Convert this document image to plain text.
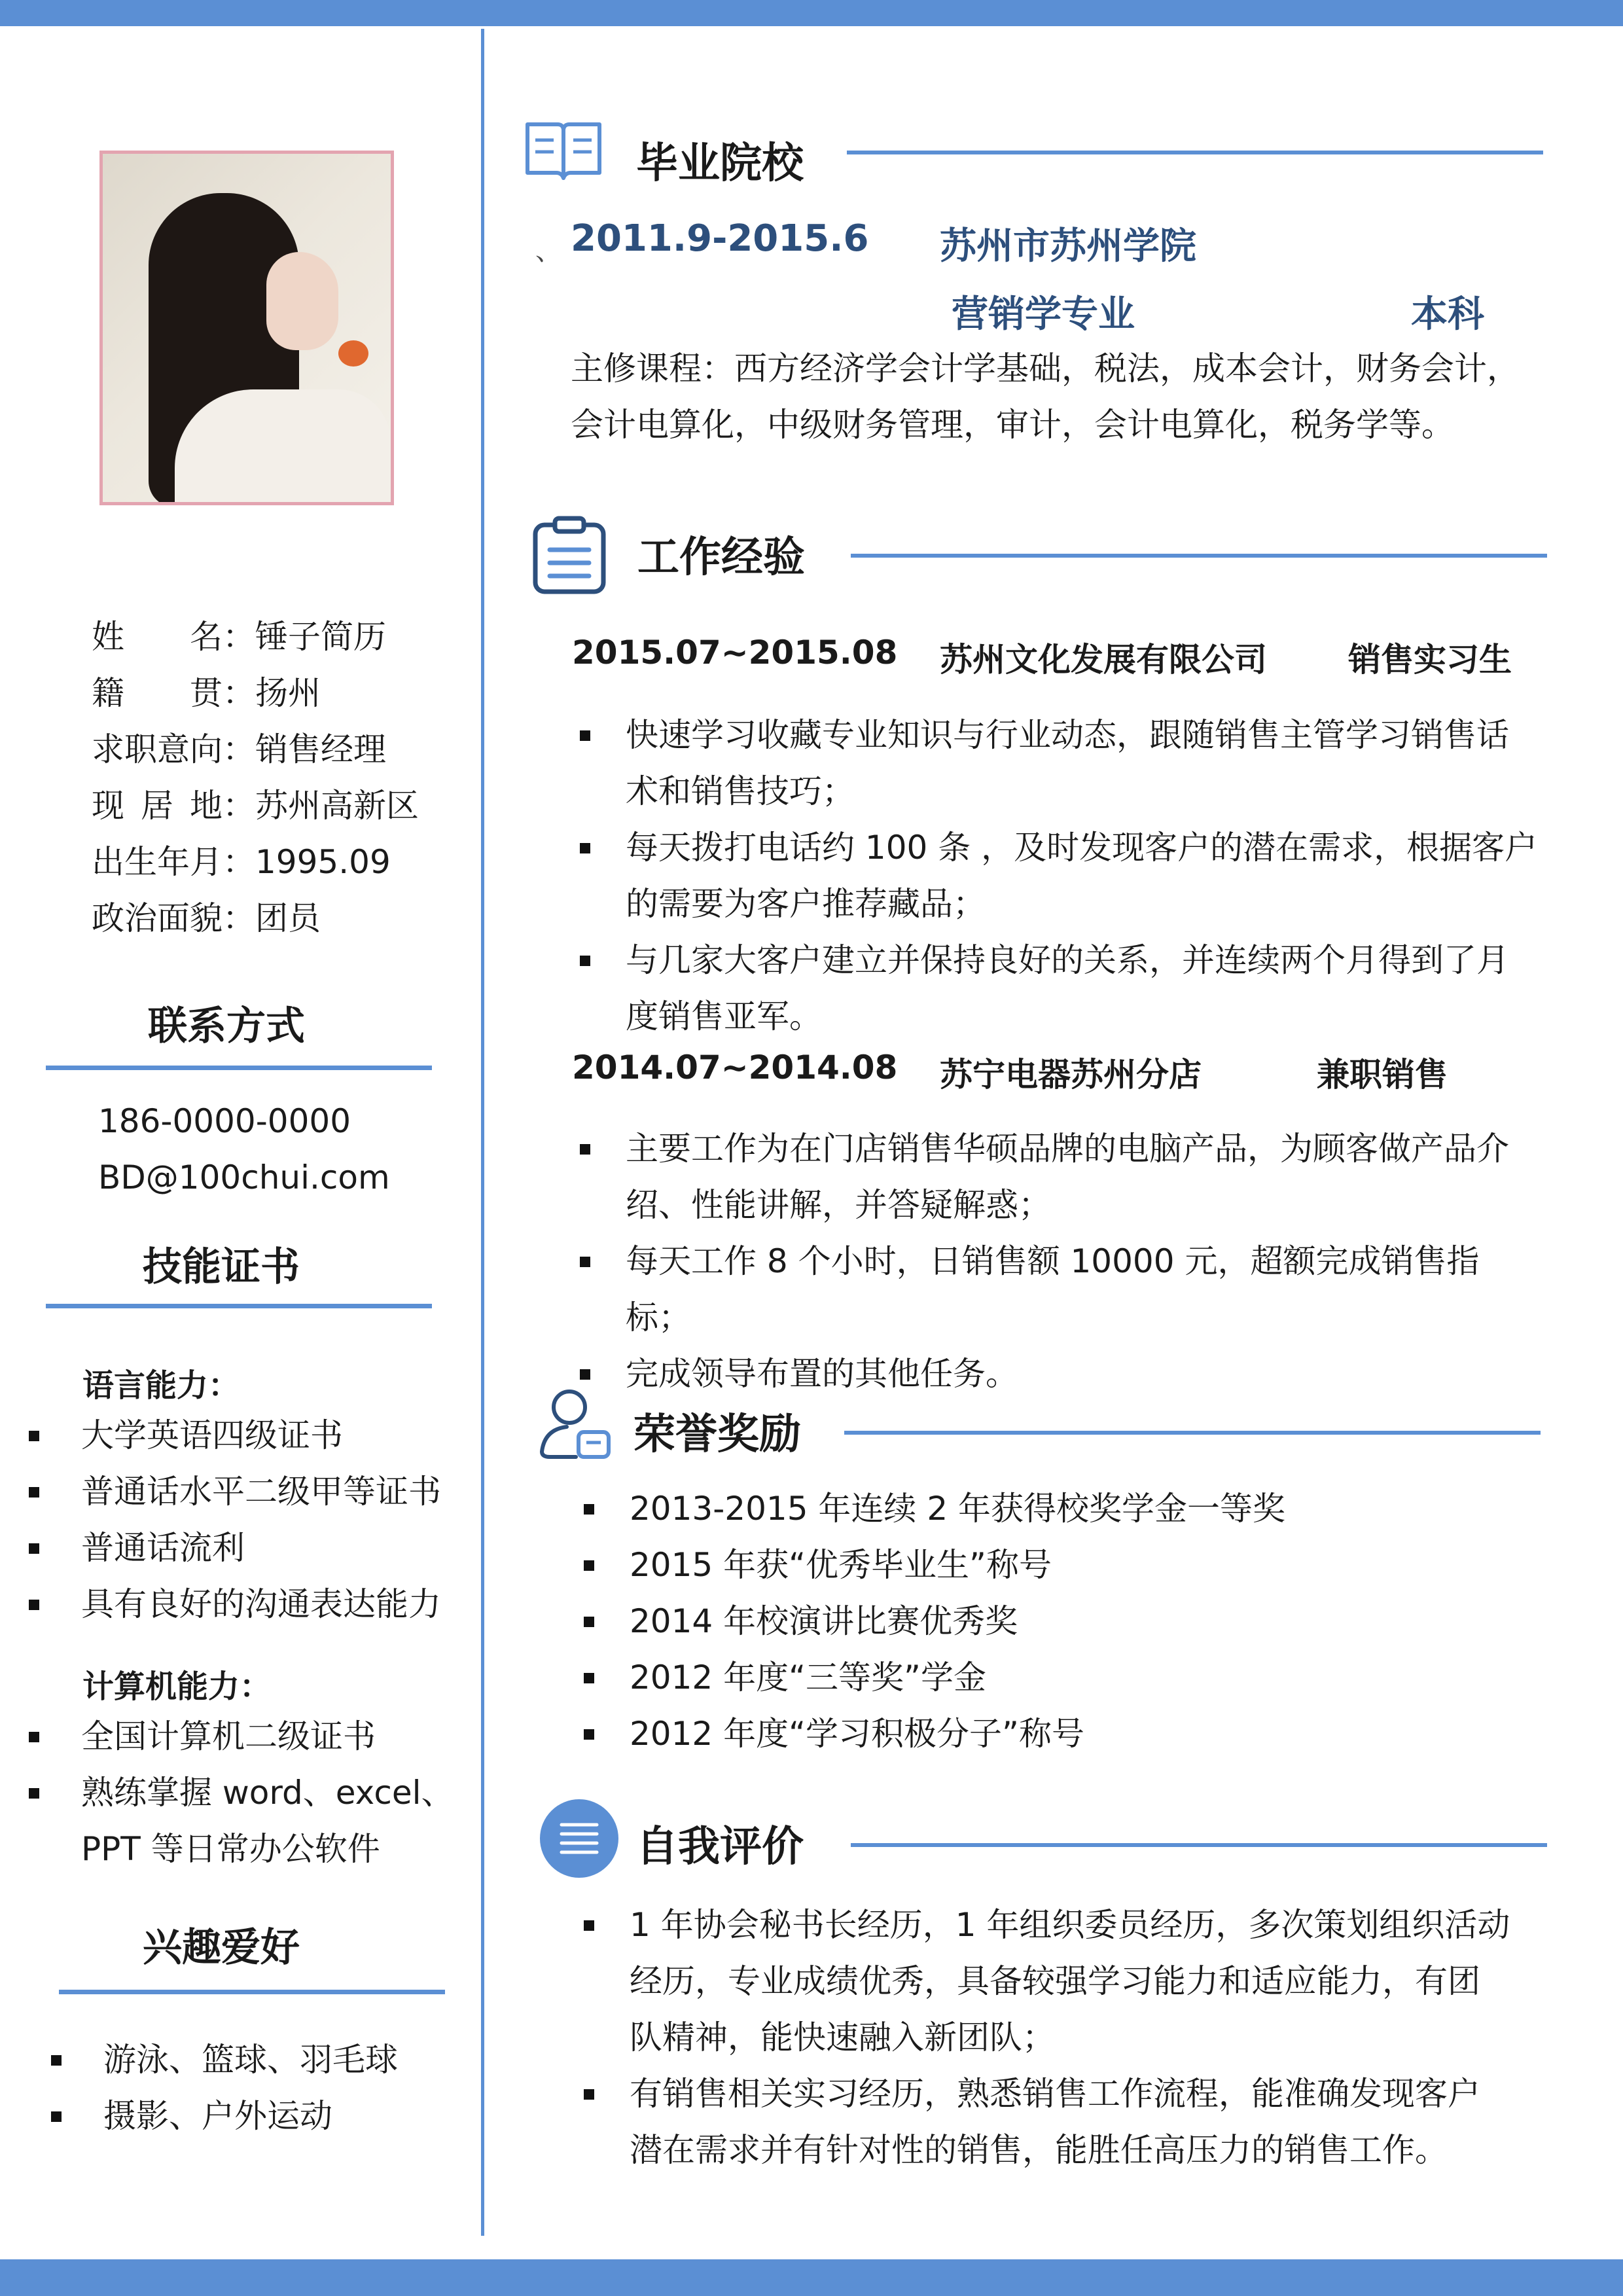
姓 名： 锤子简历
籍 贯： 扬州
求职意向： 销售经理
现 居 地： 苏州高新区
出生年月： 1995.09
政治面貌： 团员
联系方式
186-0000-0000
BD@100chui.com
技能证书
语言能力：
大学英语四级证书
普通话水平二级甲等证书
普通话流利
具有良好的沟通表达能力
计算机能力：
全国计算机二级证书
熟练掌握 word、excel、
PPT 等日常办公软件
兴趣爱好
游泳、篮球、羽毛球
摄影、户外运动
毕业院校
、 2011.9-2015.6 苏州市苏州学院
营销学专业	本科
主修课程：西方经济学会计学基础，税法，成本会计，财务会计，
会计电算化，中级财务管理，审计，会计电算化，税务学等。
工作经验
2015.07~2015.08 苏州文化发展有限公司 销售实习生
快速学习收藏专业知识与行业动态，跟随销售主管学习销售话
术和销售技巧；
每天拨打电话约 100 条 ，及时发现客户的潜在需求，根据客户
的需要为客户推荐藏品；
与几家大客户建立并保持良好的关系，并连续两个月得到了月
度销售亚军。
2014.07~2014.08 苏宁电器苏州分店	兼职销售
主要工作为在门店销售华硕品牌的电脑产品，为顾客做产品介
绍、性能讲解，并答疑解惑；
每天工作 8 个小时，日销售额 10000 元，超额完成销售指标；
完成领导布置的其他任务。
荣誉奖励
2013-2015 年连续 2 年获得校奖学金一等奖
2015 年获“优秀毕业生”称号
2014 年校演讲比赛优秀奖
2012 年度“三等奖”学金
2012 年度“学习积极分子”称号
自我评价
1 年协会秘书长经历，1 年组织委员经历，多次策划组织活动
经历，专业成绩优秀，具备较强学习能力和适应能力，有团
队精神，能快速融入新团队；
有销售相关实习经历，熟悉销售工作流程，能准确发现客户
潜在需求并有针对性的销售，能胜任高压力的销售工作。
